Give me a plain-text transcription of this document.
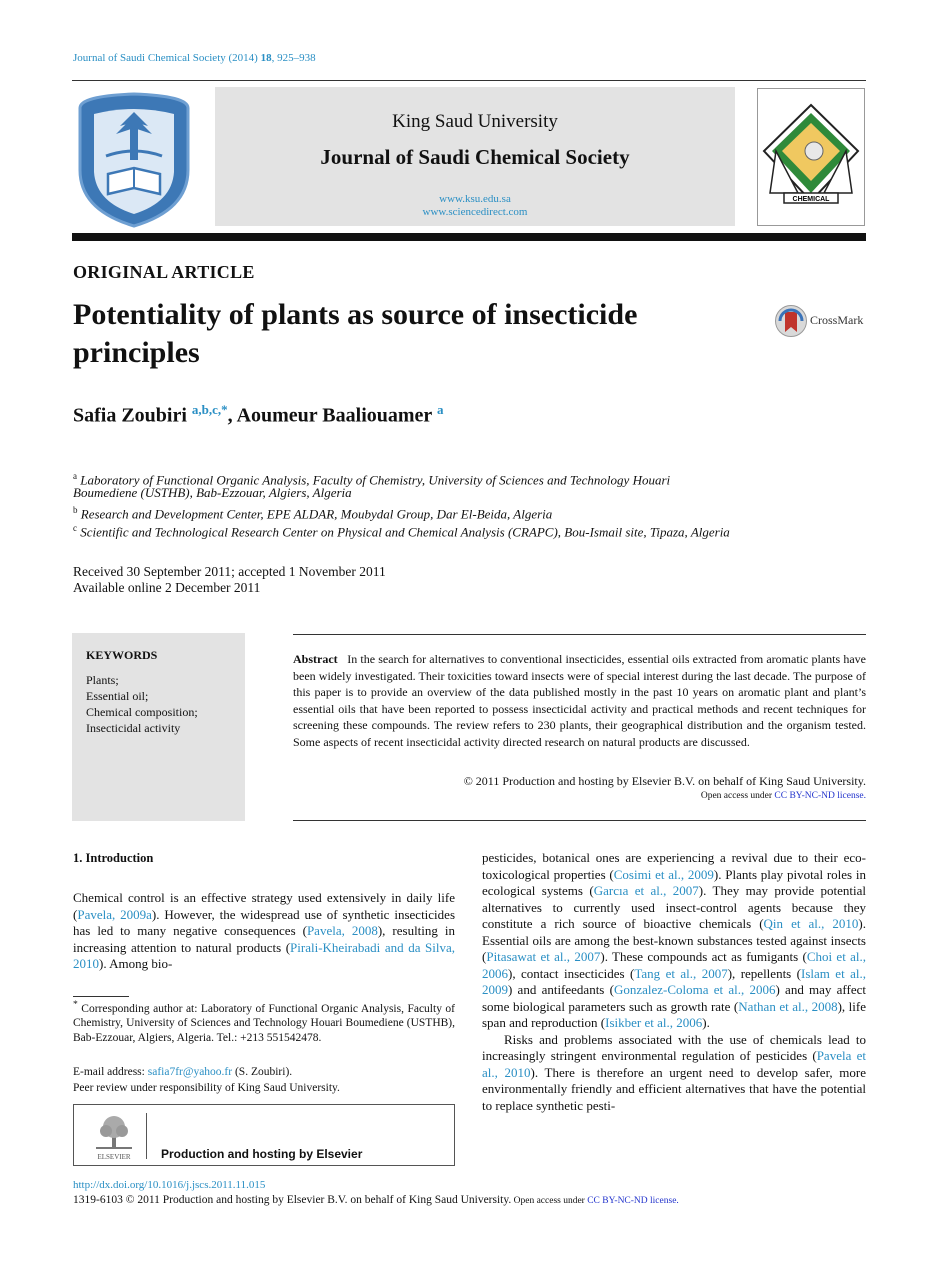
Journal of Saudi Chemical Society (2014) 18, 925–938
King Saud University
Journal of Saudi Chemical Society
www.ksu.edu.sa
www.sciencedirect.com
CHEMICAL
ORIGINAL ARTICLE
Potentiality of plants as source of insecticide
principles
CrossMark
Safia Zoubiri $^{a,b,c,*}$, Aoumeur Baaliouamer $^a$
$^a$ Laboratory of Functional Organic Analysis, Faculty of Chemistry, University of Sciences and Technology Houari
Boumediene (USTHB), Bab-Ezzouar, Algiers, Algeria
$^b$ Research and Development Center, EPE ALDAR, Moubydal Group, Dar El-Beida, Algeria
$^c$ Scientific and Technological Research Center on Physical and Chemical Analysis (CRAPC), Bou-Ismail site, Tipaza, Algeria
Received 30 September 2011; accepted 1 November 2011
Available online 2 December 2011
KEYWORDS
Plants;
Essential oil;
Chemical composition;
Insecticidal activity
Abstract In the search for alternatives to conventional insecticides, essential oils extracted from aromatic plants have been widely investigated. Their toxicities toward insects were of special interest during the last decade. The purpose of this paper is to provide an overview of the data published mostly in the past 10 years on aromatic plant and plant’s essential oils that have been reported to possess insecticidal activity and practical methods and recent techniques for screening these compounds. The review refers to 230 plants, their geographical distribution and the organism tested. Some aspects of recent insecticidal activity directed research on natural products are discussed.
© 2011 Production and hosting by Elsevier B.V. on behalf of King Saud University.
Open access under CC BY-NC-ND license.
1. Introduction
Chemical control is an effective strategy used extensively in daily life (Pavela, 2009a). However, the widespread use of synthetic insecticides has led to many negative consequences (Pavela, 2008), resulting in increasing attention to natural products (Pirali-Kheirabadi and da Silva, 2010). Among bio-
pesticides, botanical ones are experiencing a revival due to their eco-toxicological properties (Cosimi et al., 2009). Plants play pivotal roles in ecological systems (Garcıa et al., 2007). They may provide potential alternatives to currently used insect-control agents because they constitute a rich source of bioactive chemicals (Qin et al., 2010). Essential oils are among the best-known substances tested against insects (Pitasawat et al., 2007). These compounds act as fumigants (Choi et al., 2006), contact insecticides (Tang et al., 2007), repellents (Islam et al., 2009) and antifeedants (Gonzalez-Coloma et al., 2006) and may affect some biological parameters such as growth rate (Nathan et al., 2008), life span and reproduction (Isikber et al., 2006).
Risks and problems associated with the use of chemicals lead to increasingly stringent environmental regulation of pesticides (Pavela et al., 2010). There is therefore an urgent need to develop safer, more environmentally friendly and efficient alternatives that have the potential to replace synthetic pesti-
* Corresponding author at: Laboratory of Functional Organic Analysis, Faculty of Chemistry, University of Sciences and Technology Houari Boumediene (USTHB), Bab-Ezzouar, Algiers, Algeria. Tel.: +213 551542478.
E-mail address: safia7fr@yahoo.fr (S. Zoubiri).
Peer review under responsibility of King Saud University.
ELSEVIER	Production and hosting by Elsevier
http://dx.doi.org/10.1016/j.jscs.2011.11.015
1319-6103 © 2011 Production and hosting by Elsevier B.V. on behalf of King Saud University. Open access under CC BY-NC-ND license.
